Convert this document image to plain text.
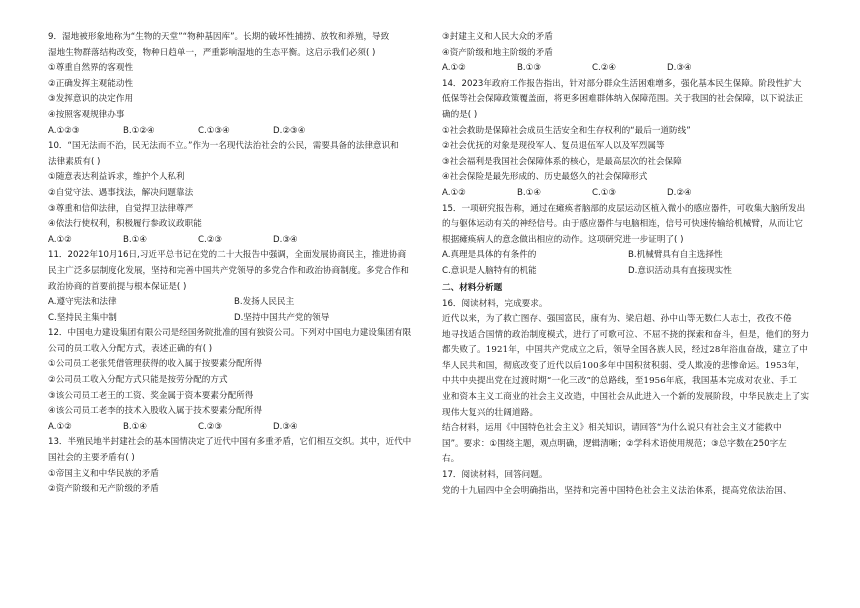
9．湿地被形象地称为“生物的天堂”“物种基因库”。长期的破坏性捕捞、放牧和养殖，导致
湿地生物群落结构改变，物种日趋单一，严重影响湿地的生态平衡。这启示我们必须( )
①尊重自然界的客观性
②正确发挥主观能动性
③发挥意识的决定作用
④按照客观规律办事
A.①②③	B.①②④	C.①③④	D.②③④
10．“国无法而不治，民无法而不立。”作为一名现代法治社会的公民，需要具备的法律意识和
法律素质有( )
①随意表达利益诉求，维护个人私利
②自觉守法、遇事找法，解决问题靠法
③尊重和信仰法律，自觉捍卫法律尊严
④依法行使权利，积极履行参政议政职能
A.①②	B.①④	C.②③	D.③④
11．2022年10月16日,习近平总书记在党的二十大报告中强调，全面发展协商民主，推进协商
民主广泛多层制度化发展，坚持和完善中国共产党领导的多党合作和政治协商制度。多党合作和
政治协商的首要前提与根本保证是( )
A.遵守宪法和法律	B.发扬人民民主
C.坚持民主集中制	D.坚持中国共产党的领导
12．中国电力建设集团有限公司是经国务院批准的国有独资公司。下列对中国电力建设集团有限
公司的员工收入分配方式，表述正确的有( )
①公司员工老张凭借管理获得的收入属于按要素分配所得
②公司员工收入分配方式只能是按劳分配的方式
③该公司员工老王的工资、奖金属于资本要素分配所得
④该公司员工老李的技术入股收入属于技术要素分配所得
A.①②	B.①④	C.②③	D.③④
13．半殖民地半封建社会的基本国情决定了近代中国有多重矛盾，它们相互交织。其中，近代中
国社会的主要矛盾有( )
①帝国主义和中华民族的矛盾
②资产阶级和无产阶级的矛盾
③封建主义和人民大众的矛盾
④资产阶级和地主阶级的矛盾
A.①②	B.①③	C.②④	D.③④
14．2023年政府工作报告指出，针对部分群众生活困难增多，强化基本民生保障。阶段性扩大
低保等社会保障政策覆盖面，将更多困难群体纳入保障范围。关于我国的社会保障，以下说法正
确的是( )
①社会救助是保障社会成员生活安全和生存权利的“最后一道防线”
②社会优抚的对象是现役军人、复员退伍军人以及军烈属等
③社会福利是我国社会保障体系的核心，是最高层次的社会保障
④社会保险是最先形成的、历史最悠久的社会保障形式
A.①②	B.①④	C.①③	D.②④
15．一项研究报告称，通过在瘫痪者脑部的皮层运动区植入微小的感应器件，可收集大脑所发出
的与躯体运动有关的神经信号。由于感应器件与电脑相连，信号可快速传输给机械臂，从而让它
根据瘫痪病人的意念做出相应的动作。这项研究进一步证明了( )
A.真理是具体的有条件的	B.机械臂具有自主选择性
C.意识是人脑特有的机能	D.意识活动具有直接现实性
二、材料分析题
16．阅读材料，完成要求。
近代以来，为了救亡图存、强国富民，康有为、梁启超、孙中山等无数仁人志士，孜孜不倦
地寻找适合国情的政治制度模式，进行了可歌可泣、不屈不挠的探索和奋斗，但是，他们的努力
都失败了。1921年，中国共产党成立之后，领导全国各族人民，经过28年浴血奋战，建立了中
华人民共和国，彻底改变了近代以后100多年中国积贫积弱、受人欺凌的悲惨命运。1953年，
中共中央提出党在过渡时期“一化三改”的总路线，至1956年底，我国基本完成对农业、手工
业和资本主义工商业的社会主义改造，中国社会从此进入一个新的发展阶段，中华民族走上了实
现伟大复兴的壮阔道路。
结合材料，运用《中国特色社会主义》相关知识，请回答“为什么说只有社会主义才能救中
国”。要求：①围绕主题，观点明确，逻辑清晰；②学科术语使用规范；③总字数在250字左
右。
17．阅读材料，回答问题。
党的十九届四中全会明确指出，坚持和完善中国特色社会主义法治体系，提高党依法治国、
